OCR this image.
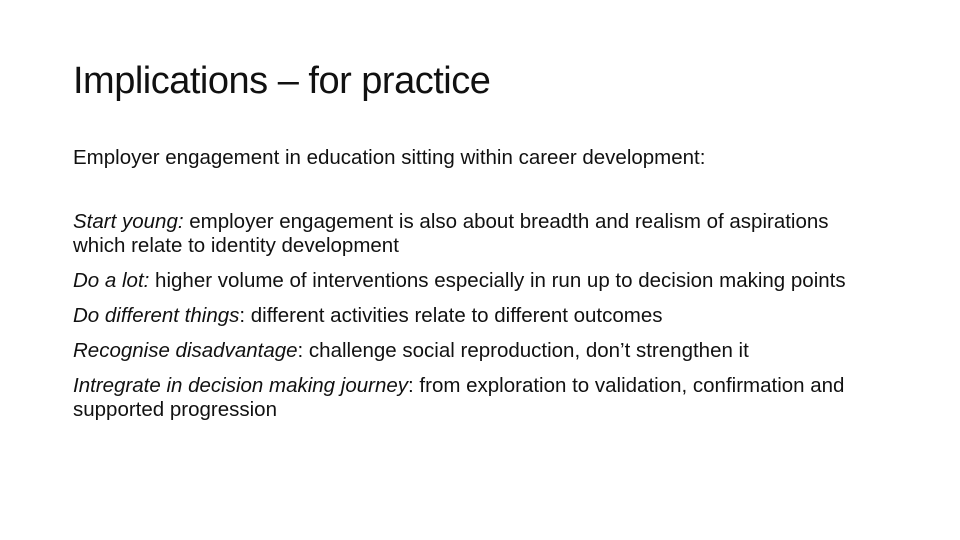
Implications – for practice

Employer engagement in education sitting within career development:

Start young: employer engagement is also about breadth and realism of aspirations which relate to identity development

Do a lot: higher volume of interventions especially in run up to decision making points

Do different things: different activities relate to different outcomes

Recognise disadvantage: challenge social reproduction, don’t strengthen it

Intregrate in decision making journey: from exploration to validation, confirmation and supported progression
